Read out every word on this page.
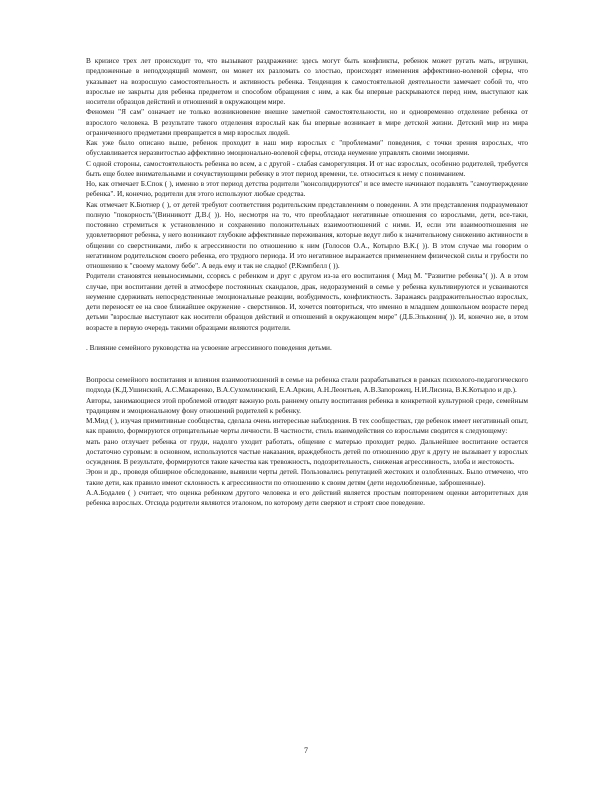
В кризисе трех лет происходит то, что вызывают раздражение: здесь могут быть конфликты, ребенок может ругать мать, игрушки, предложенные в неподходящий момент, он может их разломать со злостью, происходят изменения аффективно-волевой сферы, что указывает на возросшую самостоятельность и активность ребенка. Тенденция к самостоятельной деятельности замечает собой то, что взрослые не закрыты для ребенка предметом и способом обращения с ним, а как бы впервые раскрываются перед ним, выступают как носители образцов действий и отношений в окружающем мире.

Феномен "Я сам" означает не только возникновение внешне заметной самостоятельности, но и одновременно отделение ребенка от взрослого человека. В результате такого отделения взрослый как бы впервые возникает в мире детской жизни. Детский мир из мира ограниченного предметами превращается в мир взрослых людей.

Как уже было описано выше, ребенок проходит в наш мир взрослых с "проблемами" поведения, с точки зрения взрослых, что обуславливается неразвитостью аффективно эмоционально-волевой сферы, отсюда неумение управлять своими эмоциями.

С одной стороны, самостоятельность ребенка во всем, а с другой - слабая саморегуляция. И от нас взрослых, особенно родителей, требуется быть еще более внимательными и сочувствующими ребенку в этот период времени, т.е. относиться к нему с пониманием.

Но, как отмечает Б.Спок ( ), именно в этот период детства родители "консолидируются" и все вместе начинают подавлять "самоутверждение ребенка". И, конечно, родители для этого используют любые средства.

Как отмечает К.Бютнер ( ), от детей требуют соответствия родительским представлениям о поведении. А эти представления подразумевают полную "покорность"(Винникотт Д.В.( )). Но, несмотря на то, что преобладают негативные отношения со взрослыми, дети, все-таки, постоянно стремиться к установлению и сохранению положительных взаимоотношений с ними. И, если эти взаимоотношения не удовлетворяют ребенка, у него возникают глубокие аффективные переживания, которые ведут либо к значительному снижению активности в общении со сверстниками, либо к агрессивности по отношению к ним (Голосов О.А., Котырло В.К.( )). В этом случае мы говорим о негативном родительском своего ребенка, его трудного периода. И это негативное выражается применением физической силы и грубости по отношению к "своему малому бебе". А ведь ему и так не сладко! (Р.Кэмпбелл ( )).

Родители становятся невыносимыми, ссорясь с ребенком и друг с другом из-за его воспитания ( Мид М. "Развитие ребенка"( )). А в этом случае, при воспитании детей в атмосфере постоянных скандалов, драк, недоразумений в семье у ребенка культивируются и усваиваются неумение сдерживать непосредственные эмоциональные реакции, возбудимость, конфликтность. Заражаясь раздражительностью взрослых, дети переносят ее на свое ближайшее окружение - сверстников. И, хочется повториться, что именно в младшем дошкольном возрасте перед детьми "взрослые выступают как носители образцов действий и отношений в окружающем мире" (Д.Б.Эльконин( )). И, конечно же, в этом возрасте в первую очередь такими образцами являются родители.

. Влияние семейного руководства на усвоение агрессивного поведения детьми.

Вопросы семейного воспитания и влияния взаимоотношений в семье на ребенка стали разрабатываться в рамках психолого-педагогического подхода (К.Д.Ушинский, А.С.Макаренко, В.А.Сухомлинский, Е.А.Аркин, А.Н.Леонтьев, А.В.Запорожец, Н.И.Лисина, В.К.Котырло и др.).

Авторы, занимающиеся этой проблемой отводят важную роль раннему опыту воспитания ребенка в конкретной культурной среде, семейным традициям и эмоциональному фону отношений родителей к ребенку.

М.Мид ( ), изучая примитивные сообщества, сделала очень интересные наблюдения. В тех сообществах, где ребенок имеет негативный опыт, как правило, формируются отрицательные черты личности. В частности, стиль взаимодействия со взрослыми сводится к следующему:

мать рано отлучает ребенка от груди, надолго уходит работать, общение с матерью проходит редко. Дальнейшее воспитание остается достаточно суровым: в основном, используются частые наказания, враждебность детей по отношению друг к другу не вызывает у взрослых осуждения. В результате, формируются такие качества как тревожность, подозрительность, сниженая агрессивность, злоба и жестокость.

Эрон и др., проведя обширное обследование, выявили черты детей. Пользовались репутацией жестоких и озлобленных. Было отмечено, что такие дети, как правило имеют склонность к агрессивности по отношению к своим детям (дети недолюбленные, заброшенные).

А.А.Бодалев ( ) считает, что оценка ребенком другого человека и его действий является простым повторением оценки авторитетных для ребенка взрослых. Отсюда родители являются эталоном, по которому дети сверяют и строят свое поведение.

7
